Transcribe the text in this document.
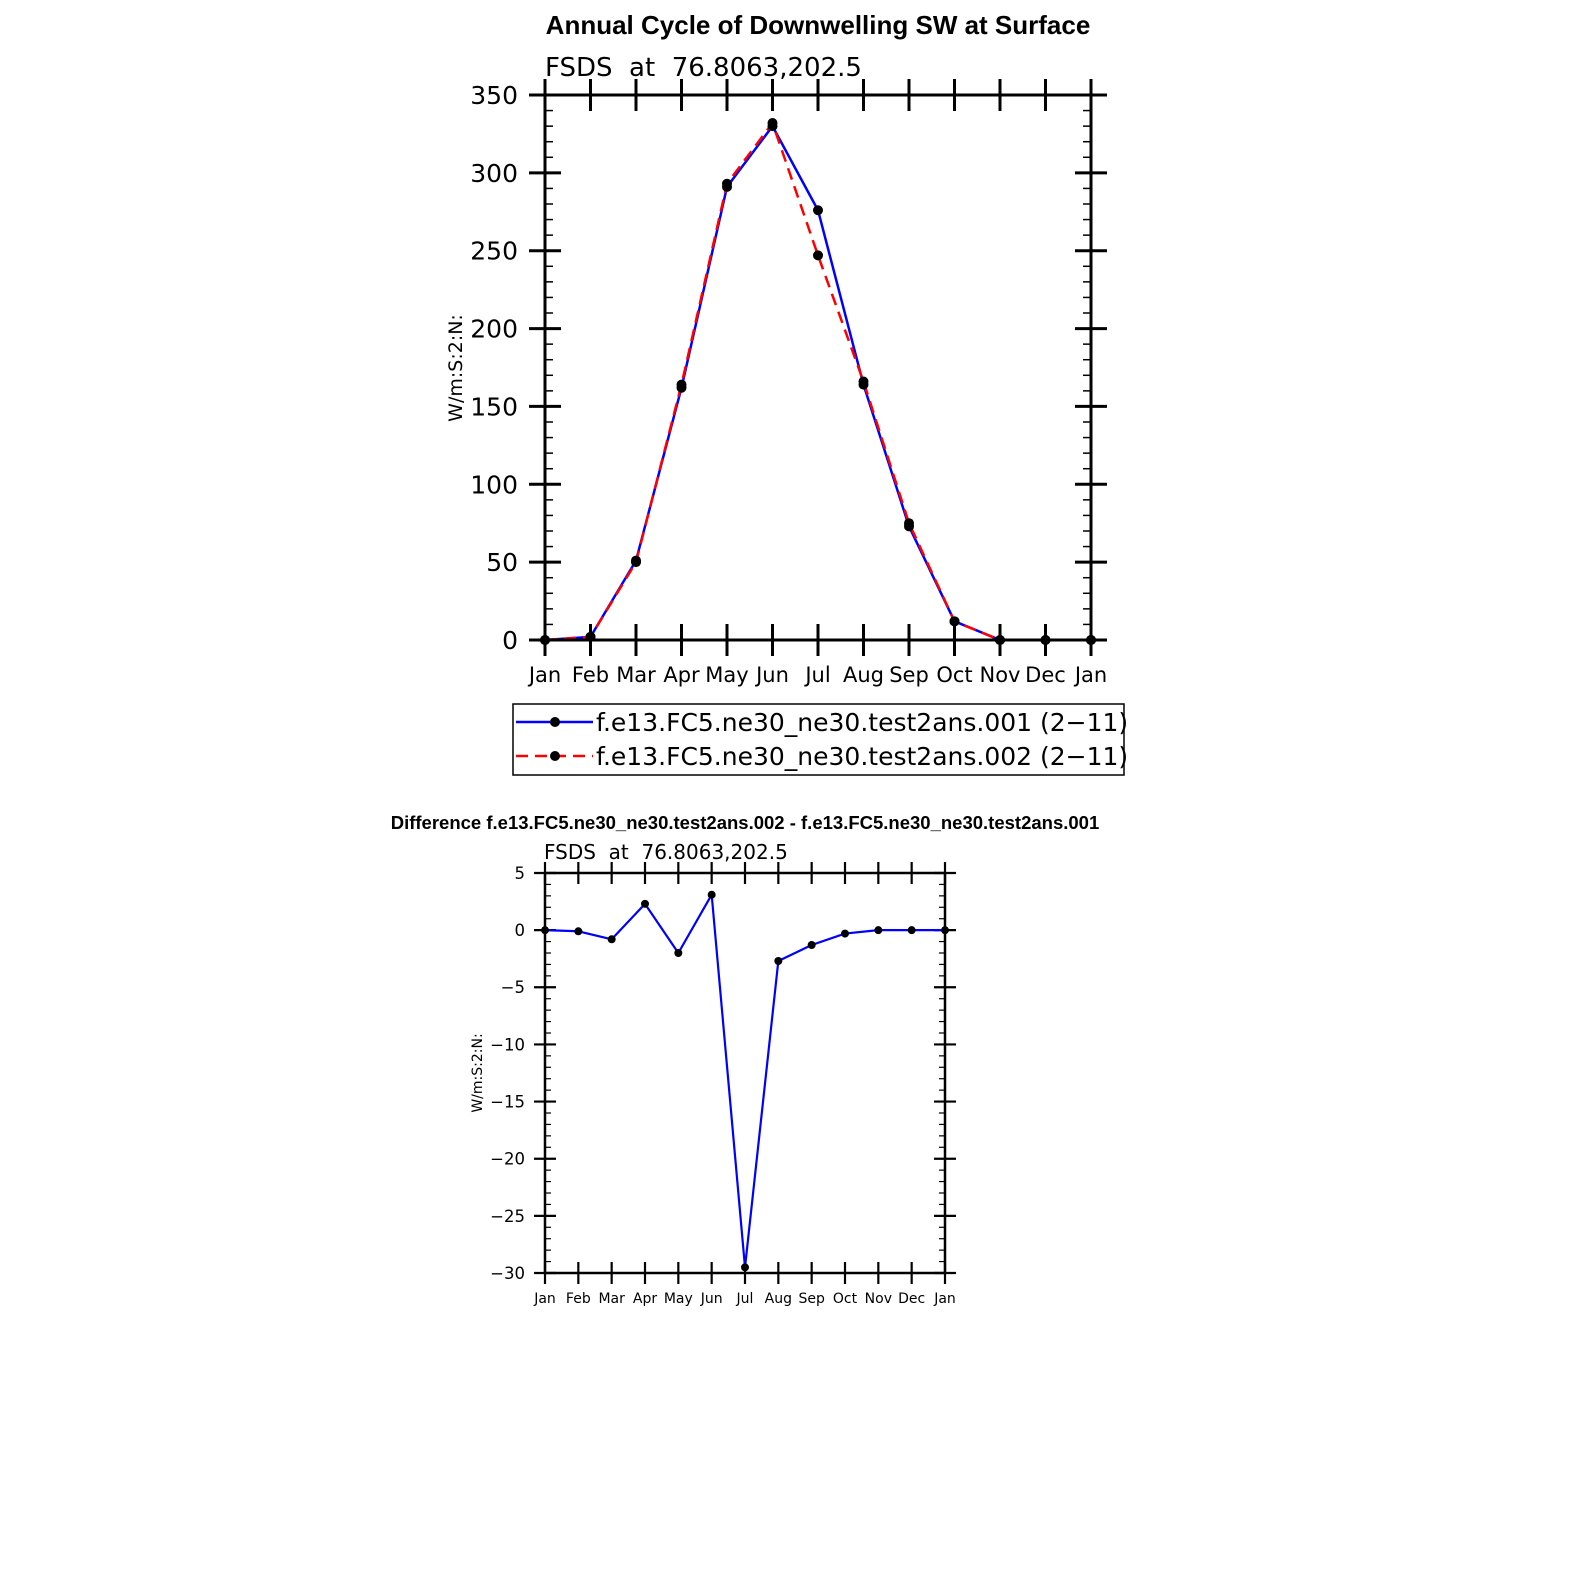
Annual Cycle of Downwelling SW at Surface
FSDS  at  76.8063,202.5
W/m:S:2:N:
0
50
100
150
200
250
300
350
Jan Feb Mar Apr May Jun Jul Aug Sep Oct Nov Dec Jan
f.e13.FC5.ne30_ne30.test2ans.001 (2−11)
f.e13.FC5.ne30_ne30.test2ans.002 (2−11)
Difference f.e13.FC5.ne30_ne30.test2ans.002 - f.e13.FC5.ne30_ne30.test2ans.001
FSDS  at  76.8063,202.5
W/m:S:2:N:
−30
−25
−20
−15
−10
−5
0
5
Jan Feb Mar Apr May Jun Jul Aug Sep Oct Nov Dec Jan
